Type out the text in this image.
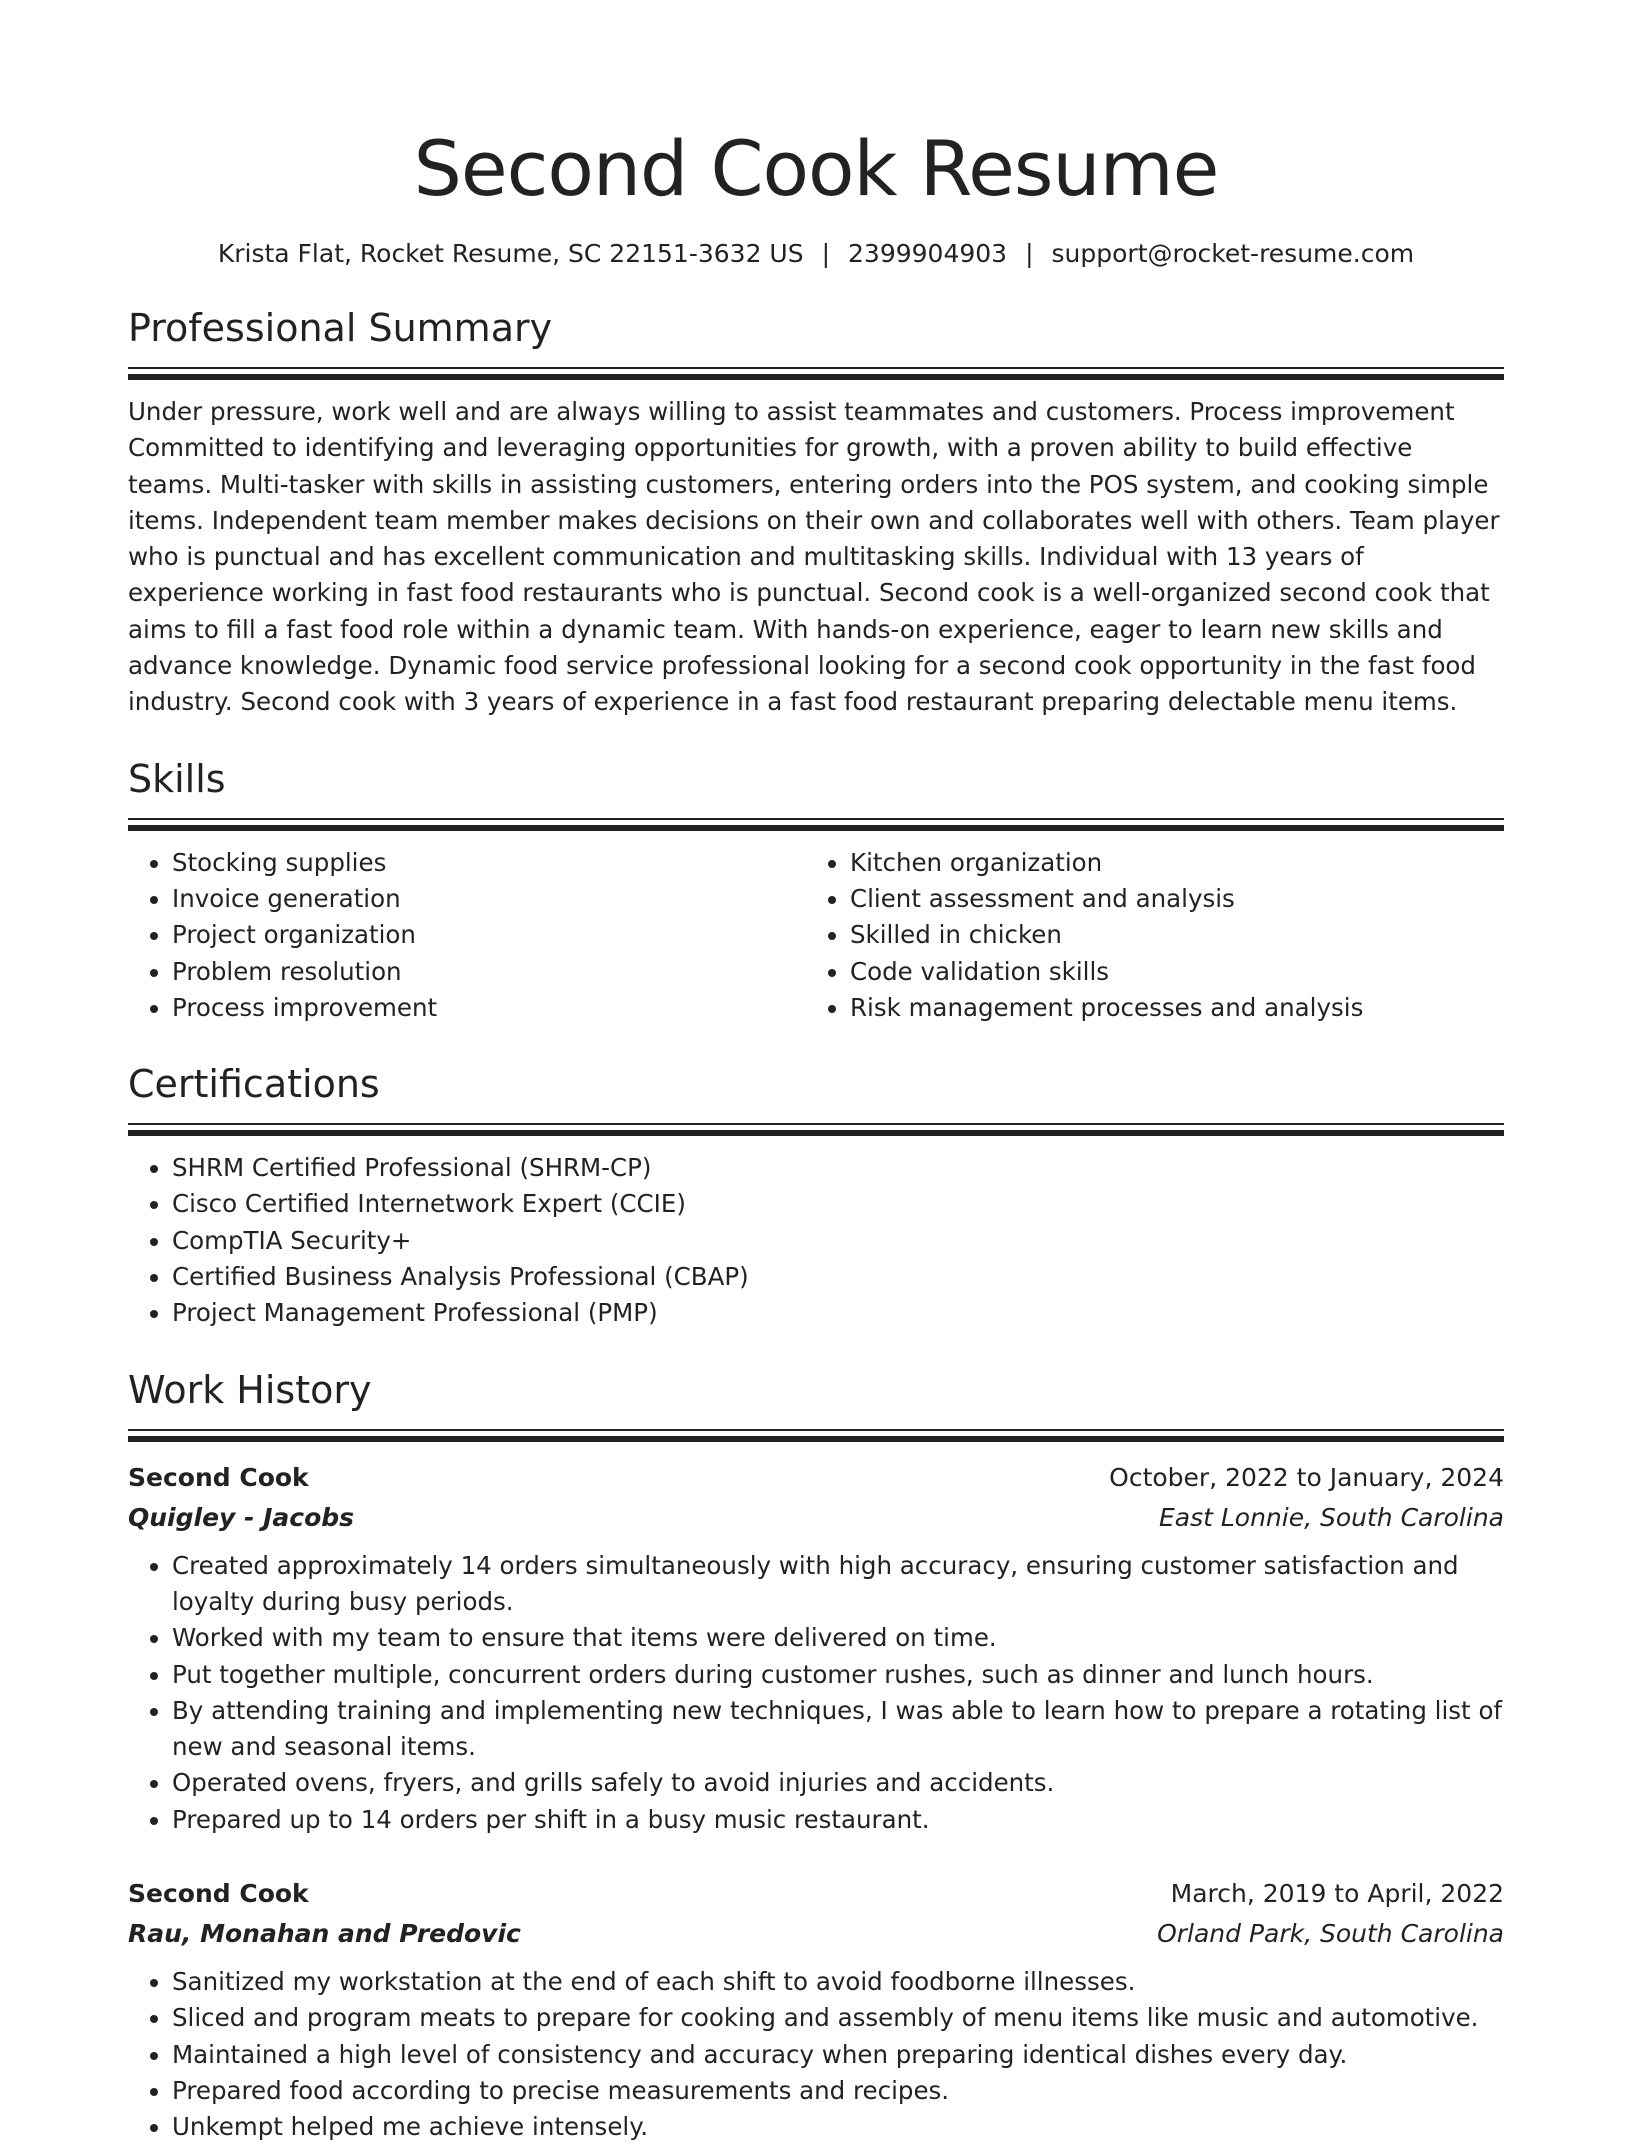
Second Cook Resume
Krista Flat, Rocket Resume, SC 22151-3632 US | 2399904903 | support@rocket-resume.com
Professional Summary

Under pressure, work well and are always willing to assist teammates and customers. Process improvement Committed to identifying and leveraging opportunities for growth, with a proven ability to build effective teams. Multi-tasker with skills in assisting customers, entering orders into the POS system, and cooking simple items. Independent team member makes decisions on their own and collaborates well with others. Team player who is punctual and has excellent communication and multitasking skills. Individual with 13 years of experience working in fast food restaurants who is punctual. Second cook is a well-organized second cook that aims to fill a fast food role within a dynamic team. With hands-on experience, eager to learn new skills and advance knowledge. Dynamic food service professional looking for a second cook opportunity in the fast food industry. Second cook with 3 years of experience in a fast food restaurant preparing delectable menu items.

Skills
• Stocking supplies
• Invoice generation
• Project organization
• Problem resolution
• Process improvement
• Kitchen organization
• Client assessment and analysis
• Skilled in chicken
• Code validation skills
• Risk management processes and analysis
Certifications
• SHRM Certified Professional (SHRM-CP)
• Cisco Certified Internetwork Expert (CCIE)
• CompTIA Security+
• Certified Business Analysis Professional (CBAP)
• Project Management Professional (PMP)
Work History
Second Cook	October, 2022 to January, 2024
Quigley - Jacobs	East Lonnie, South Carolina
• Created approximately 14 orders simultaneously with high accuracy, ensuring customer satisfaction and loyalty during busy periods.
• Worked with my team to ensure that items were delivered on time.
• Put together multiple, concurrent orders during customer rushes, such as dinner and lunch hours.
• By attending training and implementing new techniques, I was able to learn how to prepare a rotating list of new and seasonal items.
• Operated ovens, fryers, and grills safely to avoid injuries and accidents.
• Prepared up to 14 orders per shift in a busy music restaurant.
Second Cook	March, 2019 to April, 2022
Rau, Monahan and Predovic	Orland Park, South Carolina
• Sanitized my workstation at the end of each shift to avoid foodborne illnesses.
• Sliced and program meats to prepare for cooking and assembly of menu items like music and automotive.
• Maintained a high level of consistency and accuracy when preparing identical dishes every day.
• Prepared food according to precise measurements and recipes.
• Unkempt helped me achieve intensely.
